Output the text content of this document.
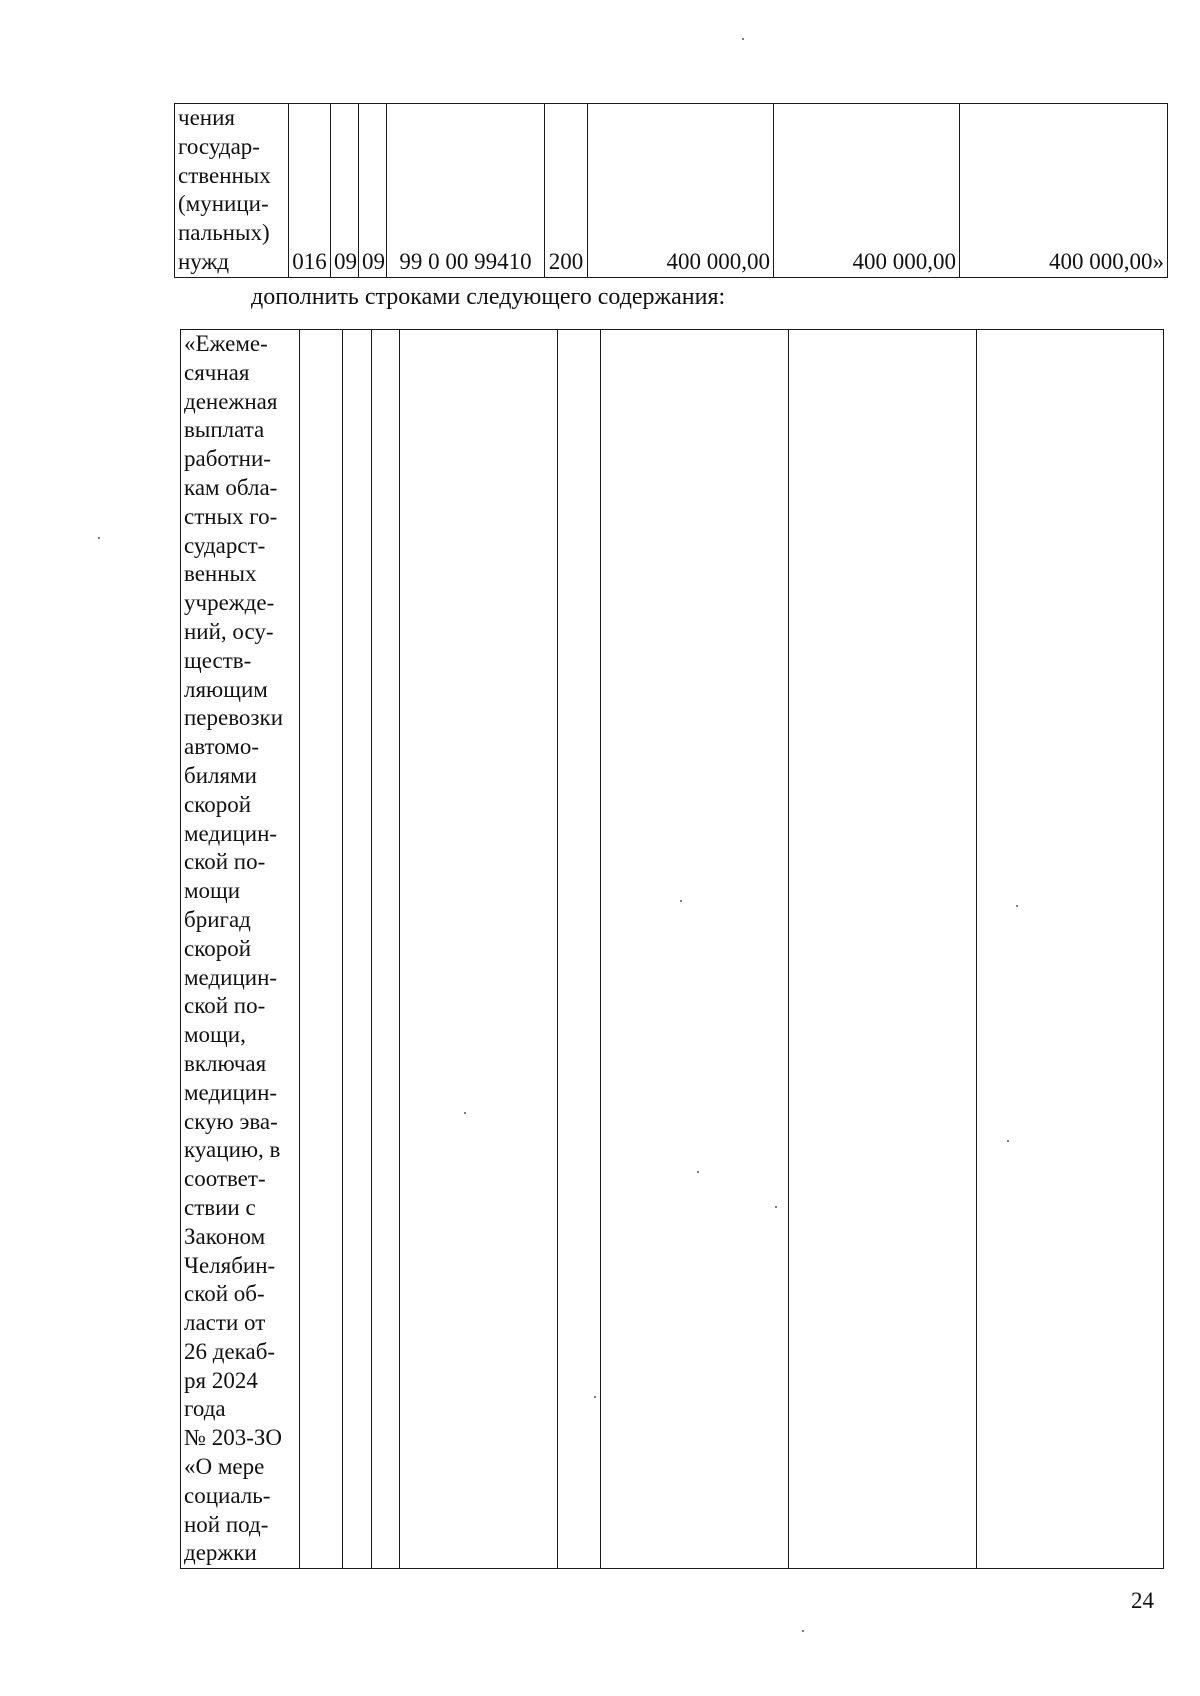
чения
государ-
ственных
(муници-
пальных)
нужд	016	09	09	99 0 00 99410	200	400 000,00	400 000,00	400 000,00»
дополнить строками следующего содержания:
«Ежеме-
сячная
денежная
выплата
работни-
кам обла-
стных го-
сударст-
венных
учрежде-
ний, осу-
ществ-
ляющим
перевозки
автомо-
билями
скорой
медицин-
ской по-
мощи
бригад
скорой
медицин-
ской по-
мощи,
включая
медицин-
скую эва-
куацию, в
соответ-
ствии с
Законом
Челябин-
ской об-
ласти от
26 декаб-
ря 2024
года
№ 203-ЗО
«О мере
социаль-
ной под-
держки								
24
